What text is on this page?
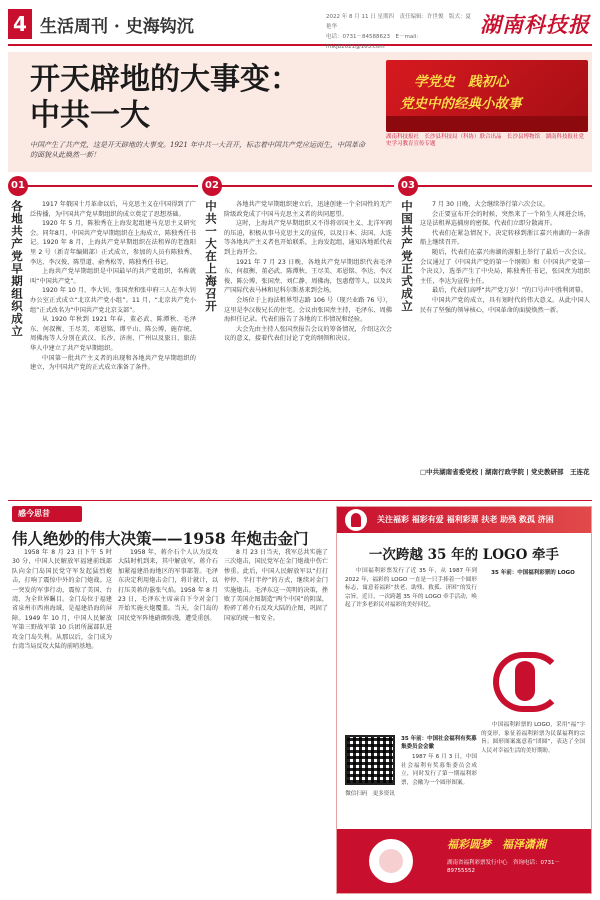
4 生活周刊 · 史海钩沉	2022 年 8 月 11 日 星期四　责任编辑：许世俊　版式：夏艳华
电话：0731－84588623　E－mail：hnkjb2021@163.com
湖南科技报
开天辟地的大事变：
中共一大
中国产生了共产党，这是开天辟地的大事变。1921 年中共一大召开，标志着中国共产党应运而生，中国革命的面貌从此焕然一新！
学党史　践初心
党史中的经典小故事
湖南科技报社　长沙县科技局（科协）联合出品　长沙县博物馆　湖南科技报社党史学习教育宣传专题
01
各地共产党早期组织成立	1917 年俄国十月革命以后，马克思主义在中国得到了广泛传播，为中国共产党早期组织的成立奠定了思想基础。
1920 年 5 月，陈独秀在上海发起组建马克思主义研究会。同年8月，中国共产党早期组织在上海成立，陈独秀任书记。1920 年 8 月，上海共产党早期组织在法租界的老渔阳里 2 号（新青年编辑部）正式成立，参加的人员有陈独秀、李达、李汉俊、陈望道、俞秀松等，陈独秀任书记。
上海共产党早期组织是中国最早的共产党组织，名称就叫“中国共产党”。
1920 年 10 月，李大钊、张国焘和张申府三人在李大钊办公室正式成立“北京共产党小组”。11 月，“北京共产党小组”正式改名为“中国共产党北京支部”。
从 1920 年秋到 1921 年春，董必武、陈潭秋、毛泽东、何叔衡、王尽美、邓恩铭、谭平山、陈公博、施存统、周佛海等人分别在武汉、长沙、济南、广州以及旅日、旅法华人中建立了共产党早期组织。
中国第一批共产主义者的出现和各地共产党早期组织的建立，为中国共产党的正式成立准备了条件。
02
中共一大在上海召开	各地共产党早期组织建立后，迅速创建一个全国性的无产阶级政党成了中国马克思主义者的共同愿望。
这时，上海共产党早期组织又不得将帝国主义、北洋军阀的压迫，积极从事马克思主义的宣传，以及日本、法国、大连等各地共产主义者也开始联系，上海发起组，通知各地派代表到上海开会。
1921 年 7 月 23 日晚，各地共产党早期组织代表毛泽东、何叔衡、董必武、陈潭秋、王尽美、邓恩铭、李达、李汉俊、陈公博、张国焘、刘仁静、周佛海，包惠僧等人，以及共产国际代表马林和尼科尔斯基来到会场。
会场位于上海法租界望志路 106 号（现兴业路 76 号），这里是李汉俊兄长的住宅。会议由张国焘主持，毛泽东、周佛海担任记录。代表们报告了各地的工作情况和经验。
大会先由主持人张国焘报告会议的筹备情况，介绍这次会议的意义，接着代表们讨论了党的纲领和决议。
03
中国共产党正式成立	7 月 30 日晚，大会继续举行第六次会议。
会正要宣布开会的时候，突然来了一个陌生人闯进会场，这是法租界巡捕房的密探。代表们立即分散离开。
代表们在紧急情况下，决定转移到浙江嘉兴南湖的一条游船上继续召开。
随后，代表们在嘉兴南湖的游船上举行了最后一次会议。会议通过了《中国共产党的第一个纲领》和《中国共产党第一个决议》，选举产生了中央局，陈独秀任书记，张国焘为组织主任，李达为宣传主任。
最后，代表们高呼“共产党万岁！”的口号声中胜利闭幕。
中国共产党的成立，具有划时代的伟大意义。从此中国人民有了坚强的领导核心，中国革命的面貌焕然一新。
□中共湖南省委党校 | 湖南行政学院 | 党史教研部　王连花
感今思昔
伟人绝妙的伟大决策——1958 年炮击金门
1958 年 8 月 23 日下午 5 时 30 分，中国人民解放军福建前线部队向金门岛国民党守军发起猛烈炮击，打响了震惊中外的金门炮战。这一突发的军事行动，震惊了美国、台湾，为全世界瞩目。金门岛位于福建省泉州市西南海域，是福建沿海的屏障。1949 年 10 月，中国人民解放军第三野战军第 10 兵团所属部队进攻金门岛失利。从那以后，金门成为台湾当局反攻大陆的前哨基地。
1958 年，蒋介石个人认为反攻大陆时机到来，其中解放军，蒋介石加紧福建沿海地区的军事部署。毛泽东决定利用炮击金门，将计就计，以打压美蒋的嚣张气焰。1958 年 8 月 23 日，毛泽东主席亲自下令对金门开始实施火炮覆盖。当天，金门岛的国民党军阵地硝烟弥漫，遭受重创。
8 月 23 日当天，我军总共实施了三次炮击，国民党军在金门炮战中伤亡惨重。此后，中国人民解放军以“打打停停、半打半停”的方式，继续对金门实施炮击。毛泽东这一英明的决策，挫败了美国企图制造“两个中国”的阴谋，粉碎了蒋介石反攻大陆的企图，巩固了国家的统一和安全。
关注福彩 福彩有爱 福利彩票 扶老 助残 救孤 济困
一次跨越 35 年的 LOGO 牵手
中国福利彩票发行了近 35 年，从 1987 年到 2022 年，福彩的 LOGO 一直是一只手捧着一个圆形标志，寓意着福彩“扶老、助残、救孤、济困”的发行宗旨。近日，一次跨越 35 年的 LOGO 牵手活动，唤起了许多老彩民对福彩的美好回忆。
35 年前：中国福利彩票的 LOGO
中国福利彩票的 LOGO，采用“福”字的变形，象征着福利彩票为民谋福利的宗旨；圆形图案寓意着“团圆”，表达了全国人民对幸福生活的美好期盼。
微信扫码　更多资讯
35 年前：中国社会福利有奖募集委员会会徽
1987 年 6 月 3 日，中国社会福利有奖募集委员会成立，同时发行了第一期福利彩票，会徽为一个圆形图案。
福彩圆梦　福泽潇湘
湖南省福利彩票发行中心　咨询电话：0731－89755552
